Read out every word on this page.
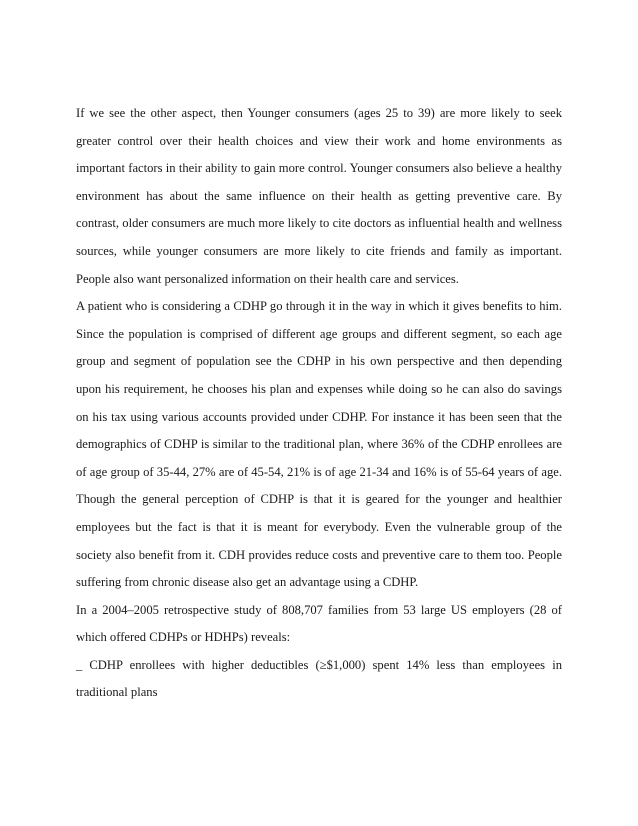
If we see the other aspect, then Younger consumers (ages 25 to 39) are more likely to seek greater control over their health choices and view their work and home environments as important factors in their ability to gain more control. Younger consumers also believe a healthy environment has about the same influence on their health as getting preventive care. By contrast, older consumers are much more likely to cite doctors as influential health and wellness sources, while younger consumers are more likely to cite friends and family as important. People also want personalized information on their health care and services.

A patient who is considering a CDHP go through it in the way in which it gives benefits to him. Since the population is comprised of different age groups and different segment, so each age group and segment of population see the CDHP in his own perspective and then depending upon his requirement, he chooses his plan and expenses while doing so he can also do savings on his tax using various accounts provided under CDHP. For instance it has been seen that the demographics of CDHP is similar to the traditional plan, where 36% of the CDHP enrollees are of age group of 35-44, 27% are of 45-54, 21% is of age 21-34 and 16% is of 55-64 years of age. Though the general perception of CDHP is that it is geared for the younger and healthier employees but the fact is that it is meant for everybody. Even the vulnerable group of the society also benefit from it. CDH provides reduce costs and preventive care to them too. People suffering from chronic disease also get an advantage using a CDHP.

In a 2004–2005 retrospective study of 808,707 families from 53 large US employers (28 of which offered CDHPs or HDHPs) reveals:

_ CDHP enrollees with higher deductibles (≥$1,000) spent 14% less than employees in traditional plans
